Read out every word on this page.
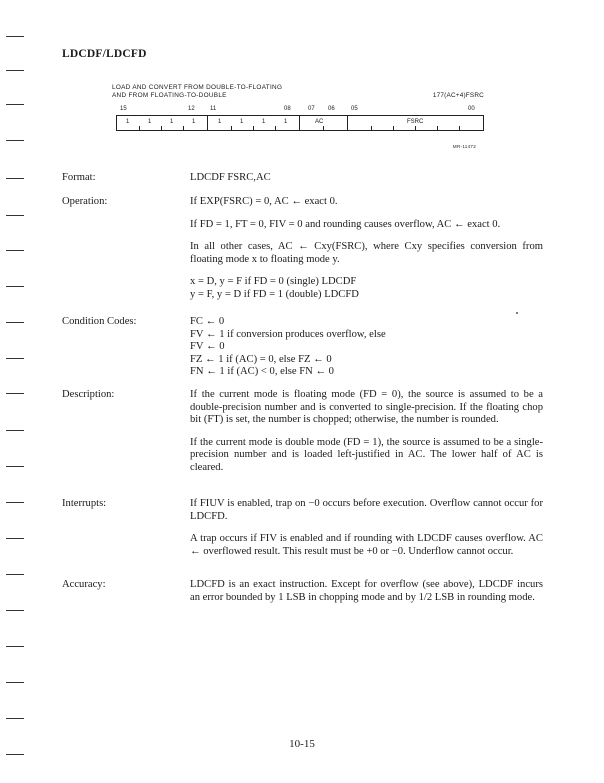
LDCDF/LDCFD
LOAD AND CONVERT FROM DOUBLE-TO-FLOATING
AND FROM FLOATING-TO-DOUBLE	177(AC+4)FSRC
15	12	11	08	07 06	05	00
1	1	1	1	1	1	1	1	AC	FSRC
MR-11472
Format:	LDCDF FSRC,AC
Operation:	If EXP(FSRC) = 0, AC ← exact 0.
If FD = 1, FT = 0, FIV = 0 and rounding causes overflow, AC ← exact 0.
In all other cases, AC ← Cxy(FSRC), where Cxy specifies conversion from floating mode x to floating mode y.
x = D, y = F if FD = 0 (single) LDCDF
y = F, y = D if FD = 1 (double) LDCFD
Condition Codes:	FC ← 0
FV ← 1 if conversion produces overflow, else
FV ← 0
FZ ← 1 if (AC) = 0, else FZ ← 0
FN ← 1 if (AC) < 0, else FN ← 0
Description:	If the current mode is floating mode (FD = 0), the source is assumed to be a double-precision number and is converted to single-precision. If the floating chop bit (FT) is set, the number is chopped; otherwise, the number is rounded.
If the current mode is double mode (FD = 1), the source is assumed to be a single-precision number and is loaded left-justified in AC. The lower half of AC is cleared.
Interrupts:	If FIUV is enabled, trap on −0 occurs before execution. Overflow cannot occur for LDCFD.
A trap occurs if FIV is enabled and if rounding with LDCDF causes overflow. AC ← overflowed result. This result must be +0 or −0. Underflow cannot occur.
Accuracy:	LDCFD is an exact instruction. Except for overflow (see above), LDCDF incurs an error bounded by 1 LSB in chopping mode and by 1/2 LSB in rounding mode.
10-15
